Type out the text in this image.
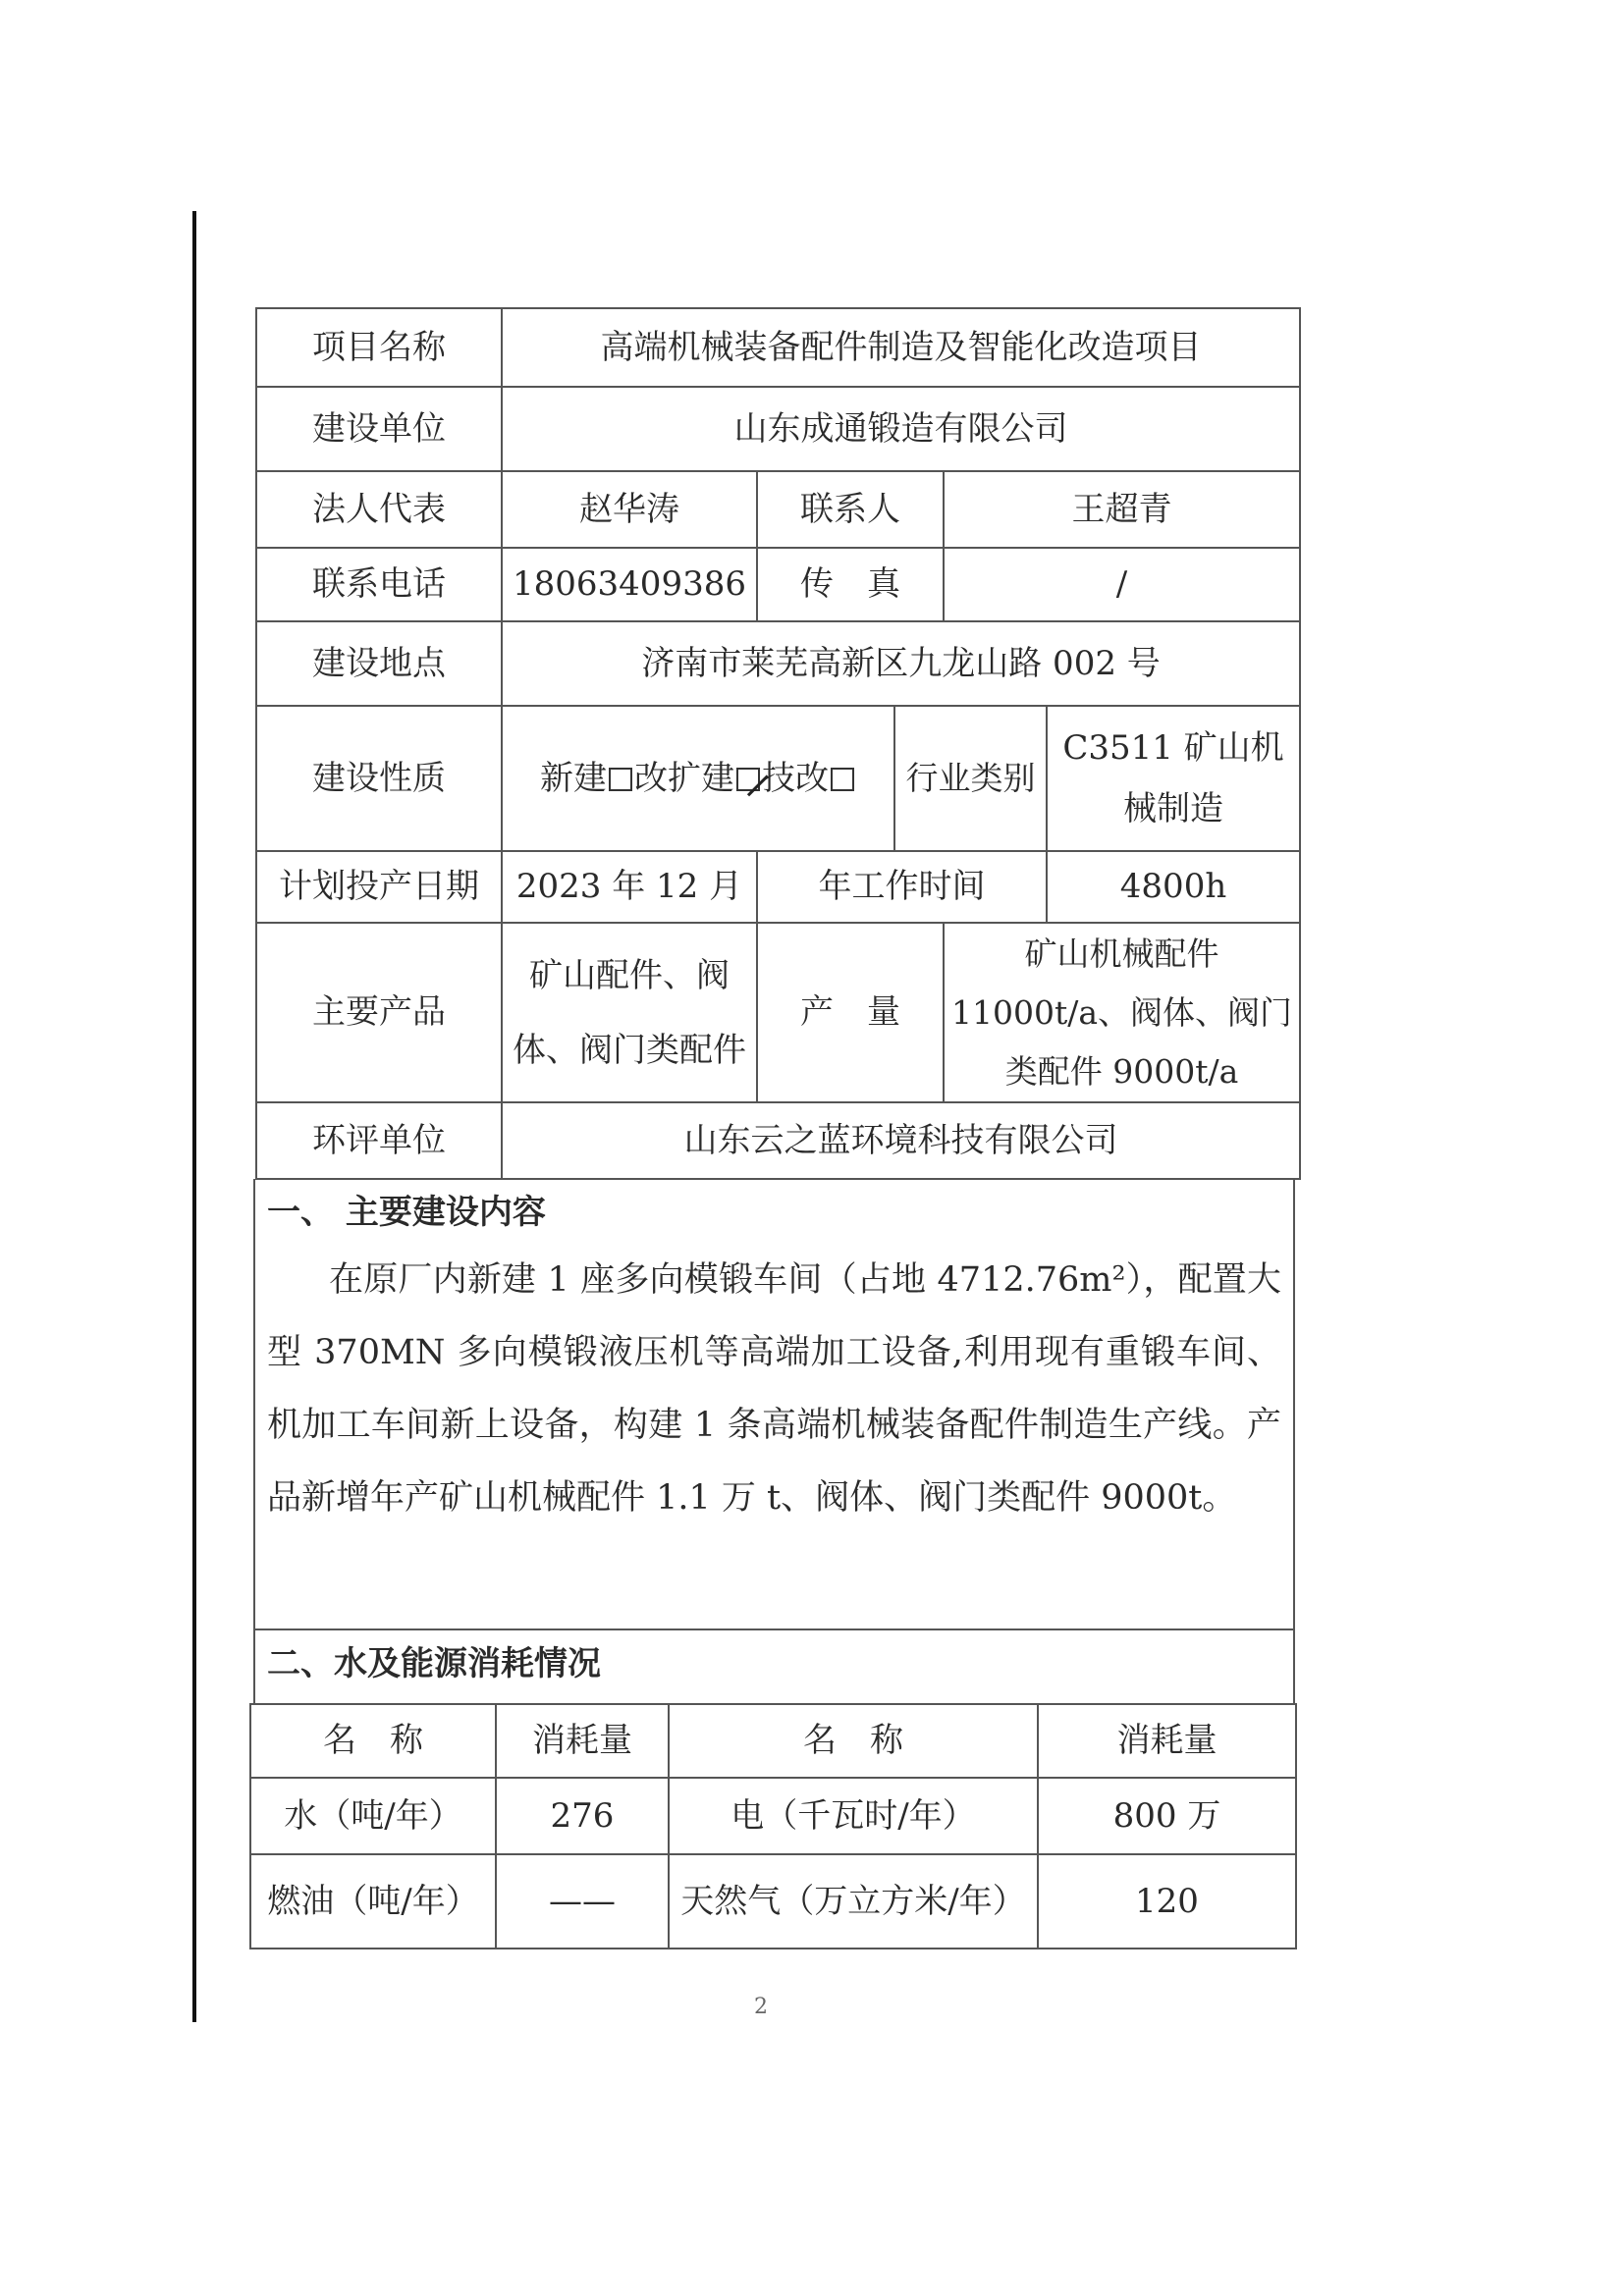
项目名称	高端机械装备配件制造及智能化改造项目				
建设单位	山东成通锻造有限公司				
法人代表	赵华涛	联系人		王超青	
联系电话	18063409386	传　真		/	
建设地点	济南市莱芜高新区九龙山路 002 号				
建设性质	新建 改扩建 技改		行业类别		C3511 矿山机械制造
计划投产日期	2023 年 12 月	年工作时间			4800h
主要产品	矿山配件、阀体、阀门类配件	产　量		矿山机械配件 11000t/a、阀体、阀门类配件 9000t/a	
环评单位	山东云之蓝环境科技有限公司				
一、 主要建设内容
在原厂内新建 1 座多向模锻车间（占地 4712.76m²），配置大型 370MN 多向模锻液压机等高端加工设备,利用现有重锻车间、机加工车间新上设备，构建 1 条高端机械装备配件制造生产线。产品新增年产矿山机械配件 1.1 万 t、阀体、阀门类配件 9000t。
二、水及能源消耗情况
名　称	消耗量	名　称	消耗量
水（吨/年）	276	电（千瓦时/年）	800 万
燃油（吨/年）	——	天然气（万立方米/年）	120
2
